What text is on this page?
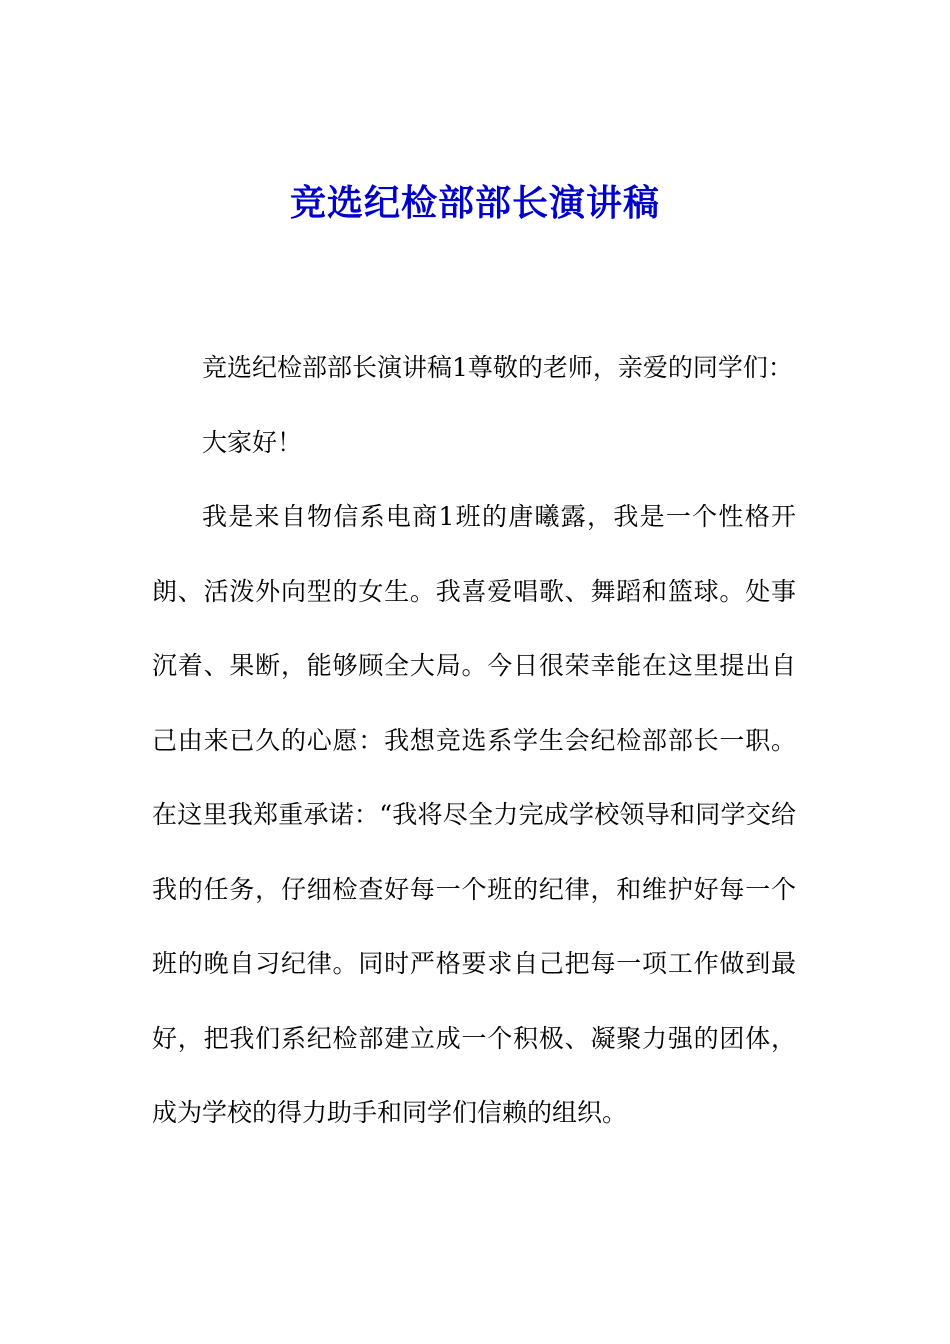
竞选纪检部部长演讲稿

竞选纪检部部长演讲稿1尊敬的老师，亲爱的同学们：

大家好！

我是来自物信系电商1班的唐曦露，我是一个性格开朗、活泼外向型的女生。我喜爱唱歌、舞蹈和篮球。处事沉着、果断，能够顾全大局。今日很荣幸能在这里提出自己由来已久的心愿：我想竞选系学生会纪检部部长一职。在这里我郑重承诺：“我将尽全力完成学校领导和同学交给我的任务，仔细检查好每一个班的纪律，和维护好每一个班的晚自习纪律。同时严格要求自己把每一项工作做到最好，把我们系纪检部建立成一个积极、凝聚力强的团体，成为学校的得力助手和同学们信赖的组织。
